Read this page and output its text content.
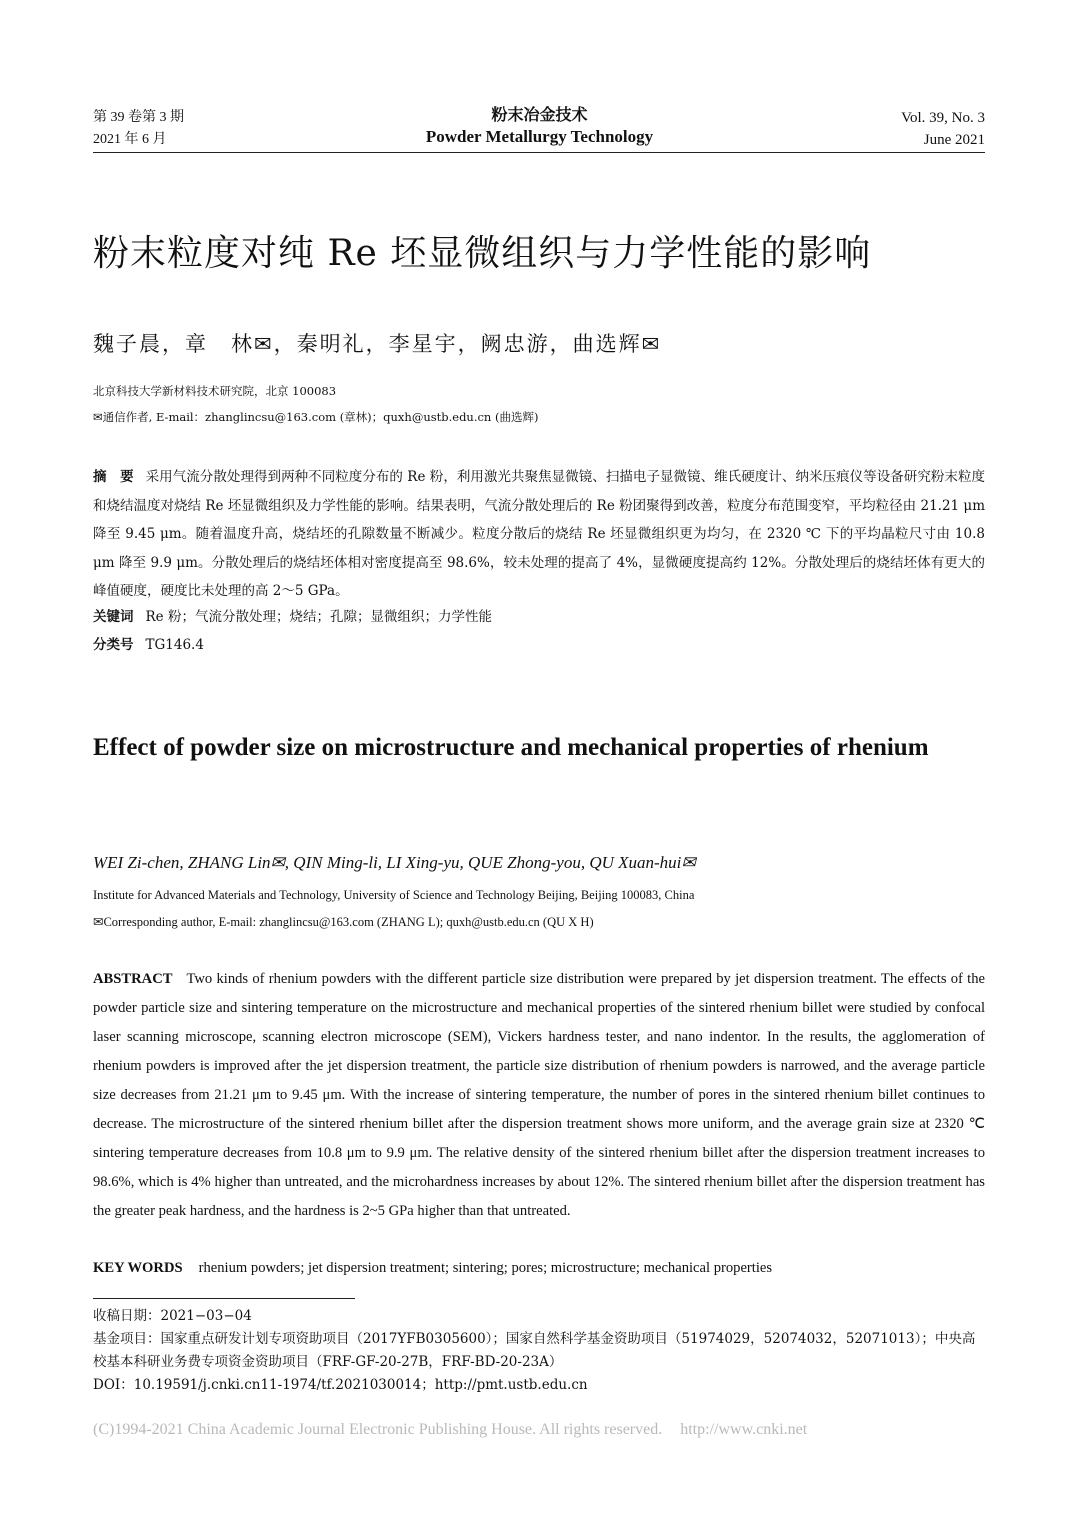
第 39 卷第 3 期
2021 年 6 月
粉末冶金技术
Powder Metallurgy Technology
Vol. 39, No. 3
June 2021
粉末粒度对纯 Re 坯显微组织与力学性能的影响
魏子晨，章　林✉，秦明礼，李星宇，阙忠游，曲选辉✉
北京科技大学新材料技术研究院，北京 100083
✉通信作者, E-mail：zhanglincsu@163.com (章林)；quxh@ustb.edu.cn (曲选辉)
摘　要 采用气流分散处理得到两种不同粒度分布的 Re 粉，利用激光共聚焦显微镜、扫描电子显微镜、维氏硬度计、纳米压痕仪等设备研究粉末粒度和烧结温度对烧结 Re 坯显微组织及力学性能的影响。结果表明，气流分散处理后的 Re 粉团聚得到改善，粒度分布范围变窄，平均粒径由 21.21 μm 降至 9.45 μm。随着温度升高，烧结坯的孔隙数量不断减少。粒度分散后的烧结 Re 坯显微组织更为均匀，在 2320 ℃ 下的平均晶粒尺寸由 10.8 μm 降至 9.9 μm。分散处理后的烧结坯体相对密度提高至 98.6%，较未处理的提高了 4%，显微硬度提高约 12%。分散处理后的烧结坯体有更大的峰值硬度，硬度比未处理的高 2～5 GPa。
关键词 Re 粉；气流分散处理；烧结；孔隙；显微组织；力学性能
分类号 TG146.4
Effect of powder size on microstructure and mechanical properties of rhenium
WEI Zi-chen, ZHANG Lin✉, QIN Ming-li, LI Xing-yu, QUE Zhong-you, QU Xuan-hui✉
Institute for Advanced Materials and Technology, University of Science and Technology Beijing, Beijing 100083, China
✉Corresponding author, E-mail: zhanglincsu@163.com (ZHANG L); quxh@ustb.edu.cn (QU X H)
ABSTRACT Two kinds of rhenium powders with the different particle size distribution were prepared by jet dispersion treatment. The effects of the powder particle size and sintering temperature on the microstructure and mechanical properties of the sintered rhenium billet were studied by confocal laser scanning microscope, scanning electron microscope (SEM), Vickers hardness tester, and nano indentor. In the results, the agglomeration of rhenium powders is improved after the jet dispersion treatment, the particle size distribution of rhenium powders is narrowed, and the average particle size decreases from 21.21 μm to 9.45 μm. With the increase of sintering temperature, the number of pores in the sintered rhenium billet continues to decrease. The microstructure of the sintered rhenium billet after the dispersion treatment shows more uniform, and the average grain size at 2320 ℃ sintering temperature decreases from 10.8 μm to 9.9 μm. The relative density of the sintered rhenium billet after the dispersion treatment increases to 98.6%, which is 4% higher than untreated, and the microhardness increases by about 12%. The sintered rhenium billet after the dispersion treatment has the greater peak hardness, and the hardness is 2~5 GPa higher than that untreated.
KEY WORDS rhenium powders; jet dispersion treatment; sintering; pores; microstructure; mechanical properties
收稿日期：2021−03−04
基金项目：国家重点研发计划专项资助项目（2017YFB0305600）；国家自然科学基金资助项目（51974029，52074032，52071013）；中央高校基本科研业务费专项资金资助项目（FRF-GF-20-27B，FRF-BD-20-23A）
DOI：10.19591/j.cnki.cn11-1974/tf.2021030014；http://pmt.ustb.edu.cn
(C)1994-2021 China Academic Journal Electronic Publishing House. All rights reserved. http://www.cnki.net
